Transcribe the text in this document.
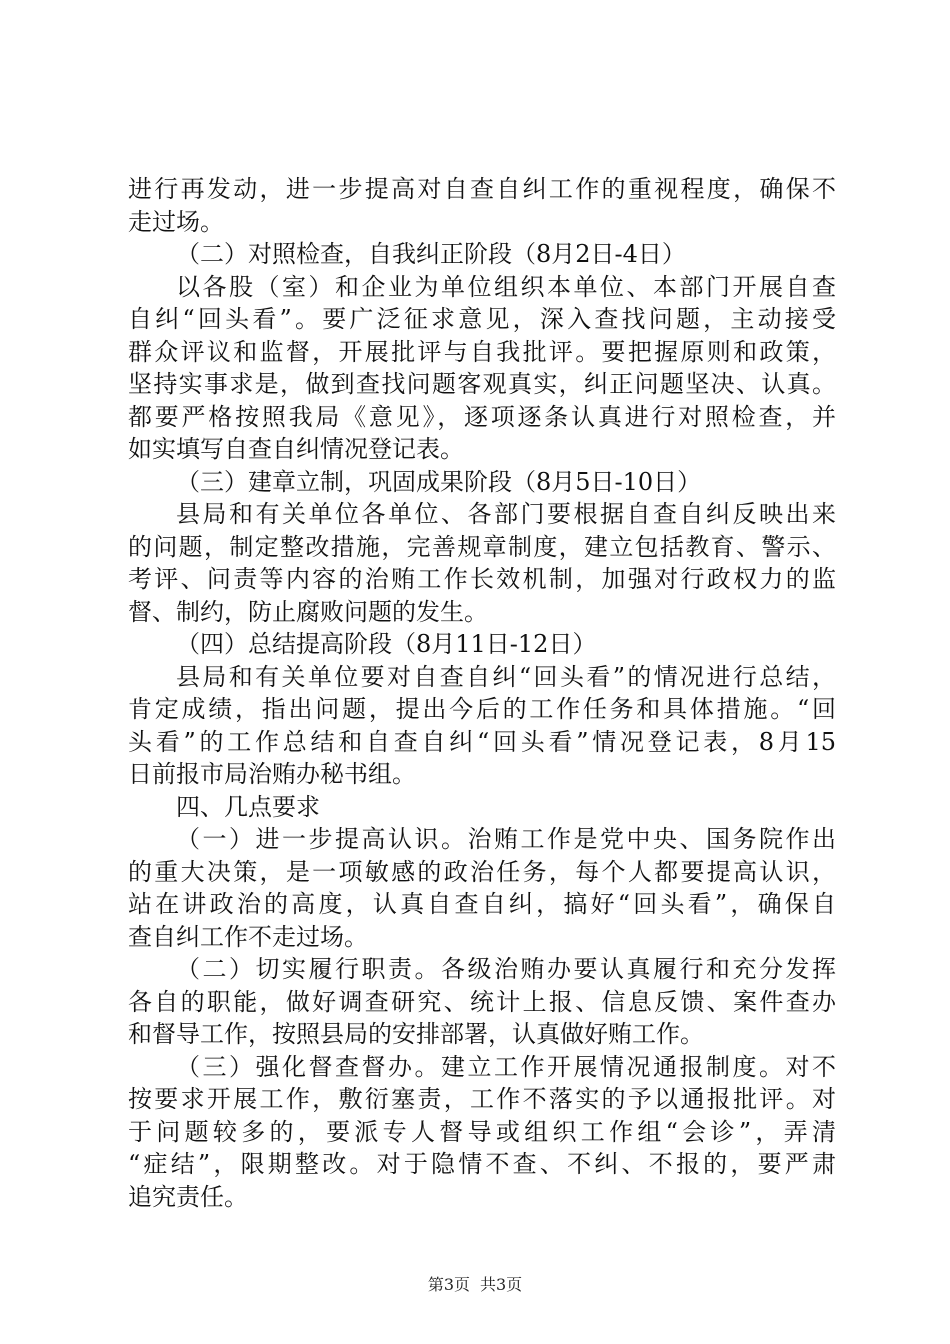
进行再发动，进一步提高对自查自纠工作的重视程度，确保不
走过场。
（二）对照检查，自我纠正阶段（8月2日-4日）
以各股（室）和企业为单位组织本单位、本部门开展自查
自纠“回头看”。要广泛征求意见，深入查找问题，主动接受
群众评议和监督，开展批评与自我批评。要把握原则和政策，
坚持实事求是，做到查找问题客观真实，纠正问题坚决、认真。
都要严格按照我局《意见》，逐项逐条认真进行对照检查，并
如实填写自查自纠情况登记表。
（三）建章立制，巩固成果阶段（8月5日-10日）
县局和有关单位各单位、各部门要根据自查自纠反映出来
的问题，制定整改措施，完善规章制度，建立包括教育、警示、
考评、问责等内容的治贿工作长效机制，加强对行政权力的监
督、制约，防止腐败问题的发生。
（四）总结提高阶段（8月11日-12日）
县局和有关单位要对自查自纠“回头看”的情况进行总结，
肯定成绩，指出问题，提出今后的工作任务和具体措施。“回
头看”的工作总结和自查自纠“回头看”情况登记表，8月15
日前报市局治贿办秘书组。
四、几点要求
（一）进一步提高认识。治贿工作是党中央、国务院作出
的重大决策，是一项敏感的政治任务，每个人都要提高认识，
站在讲政治的高度，认真自查自纠，搞好“回头看”，确保自
查自纠工作不走过场。
（二）切实履行职责。各级治贿办要认真履行和充分发挥
各自的职能，做好调查研究、统计上报、信息反馈、案件查办
和督导工作，按照县局的安排部署，认真做好贿工作。
（三）强化督查督办。建立工作开展情况通报制度。对不
按要求开展工作，敷衍塞责，工作不落实的予以通报批评。对
于问题较多的，要派专人督导或组织工作组“会诊”，弄清
“症结”，限期整改。对于隐情不查、不纠、不报的，要严肃
追究责任。
第3页 共3页
